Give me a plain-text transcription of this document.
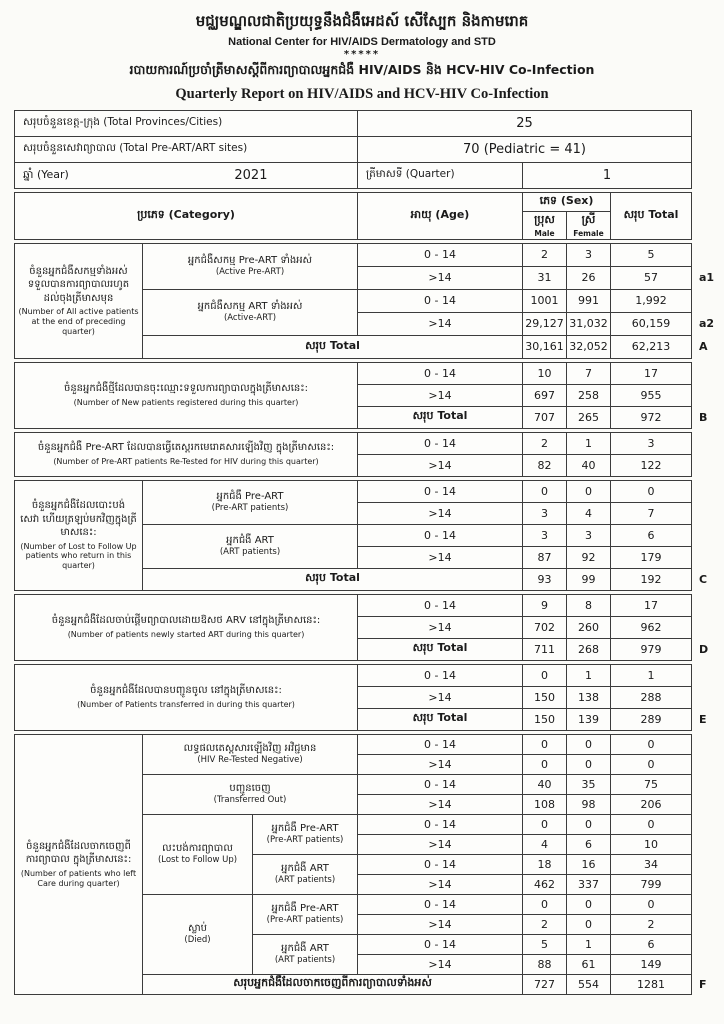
មជ្ឈមណ្ឌលជាតិប្រយុទ្ធនឹងជំងឺអេដស៍ សើស្បែក និងកាមរោគ
National Center for HIV/AIDS Dermatology and STD
*****
របាយការណ៍ប្រចាំត្រីមាសស្តីពីការព្យាបាលអ្នកជំងឺ HIV/AIDS និង HCV-HIV Co-Infection
Quarterly Report on HIV/AIDS and HCV-HIV Co-Infection
សរុបចំនួនខេត្ត-ក្រុង (Total Provinces/Cities)	25		
សរុបចំនួនសេវាព្យាបាល (Total Pre-ART/ART sites)	70 (Pediatric = 41)		

ឆ្នាំ (Year) 2021	ត្រីមាសទី (Quarter)	1	
ប្រភេទ (Category)	អាយុ (Age)	ភេទ (Sex)		សរុប Total	

ប្រុស
Male

ស្រី
Female
ចំនួនអ្នកជំងឺសកម្មទាំងអស់
ទទួលបានការព្យាបាលរហូត
ដល់ចុងត្រីមាសមុន
(Number of All active patients at the end of preceding quarter)

អ្នកជំងឺសកម្ម Pre-ART ទាំងអស់
(Active Pre-ART)
	0 - 14	2	3	5	
		>14	31	26	57	a1

	អ្នកជំងឺសកម្ម ART ទាំងអស់
(Active-ART)	0 - 14	1001	991	1,992	
		>14	29,127	31,032	60,159	a2
	សរុប Total		30,161	32,052	62,213	A
ចំនួនអ្នកជំងឺថ្មីដែលបានចុះឈ្មោះទទួលការព្យាបាលក្នុងត្រីមាសនេះ:
(Number of New patients registered during this quarter)	0 - 14	10	7	17	
	>14	697	258	955	
	សរុប Total	707	265	972	B
ចំនួនអ្នកជំងឺ Pre-ART ដែលបានធ្វើតេស្តរកមេរោគសារឡើងវិញ ក្នុងត្រីមាសនេះ:
(Number of Pre-ART patients Re-Tested for HIV during this quarter)	0 - 14	2	1	3	
	>14	82	40	122	
ចំនួនអ្នកជំងឺដែលបោះបង់
សេវា ហើយត្រឡប់មកវិញក្នុងត្រី
មាសនេះ:
(Number of Lost to Follow Up patients who return in this quarter)

អ្នកជំងឺ Pre-ART
(Pre-ART patients)
	0 - 14	0	0	0	
		>14	3	4	7	

	អ្នកជំងឺ ART
(ART patients)	0 - 14	3	3	6	
		>14	87	92	179	
	សរុប Total		93	99	192	C
ចំនួនអ្នកជំងឺដែលចាប់ផ្តើមព្យាបាលដោយឱសថ ARV នៅក្នុងត្រីមាសនេះ:
(Number of patients newly started ART during this quarter)	0 - 14	9	8	17	
	>14	702	260	962	
	សរុប Total	711	268	979	D
ចំនួនអ្នកជំងឺដែលបានបញ្ជូនចូល នៅក្នុងត្រីមាសនេះ:
(Number of Patients transferred in during this quarter)	0 - 14	0	1	1	
	>14	150	138	288	
	សរុប Total	150	139	289	E
ចំនួនអ្នកជំងឺដែលចាកចេញពី
ការព្យាបាល ក្នុងត្រីមាសនេះ:
(Number of patients who left Care during quarter)

លទ្ធផលតេស្តសារឡើងវិញ អវិជ្ជមាន
(HIV Re-Tested Negative)
	0 - 14	0	0	0	
			>14	0	0	0	

	បញ្ជូនចេញ
(Transferred Out)		0 - 14	40	35	75	
			>14	108	98	206	

លះបង់ការព្យាបាល
(Lost to Follow Up)

អ្នកជំងឺ Pre-ART
(Pre-ART patients)
	0 - 14	0	0	0	
			>14	4	6	10	

		អ្នកជំងឺ ART
(ART patients)	0 - 14	18	16	34	
			>14	462	337	799	

ស្លាប់
(Died)

អ្នកជំងឺ Pre-ART
(Pre-ART patients)
	0 - 14	0	0	0	
			>14	2	0	2	

		អ្នកជំងឺ ART
(ART patients)	0 - 14	5	1	6	
			>14	88	61	149	
	សរុបអ្នកជំងឺដែលចាកចេញពីការព្យាបាលទាំងអស់			727	554	1281	F
